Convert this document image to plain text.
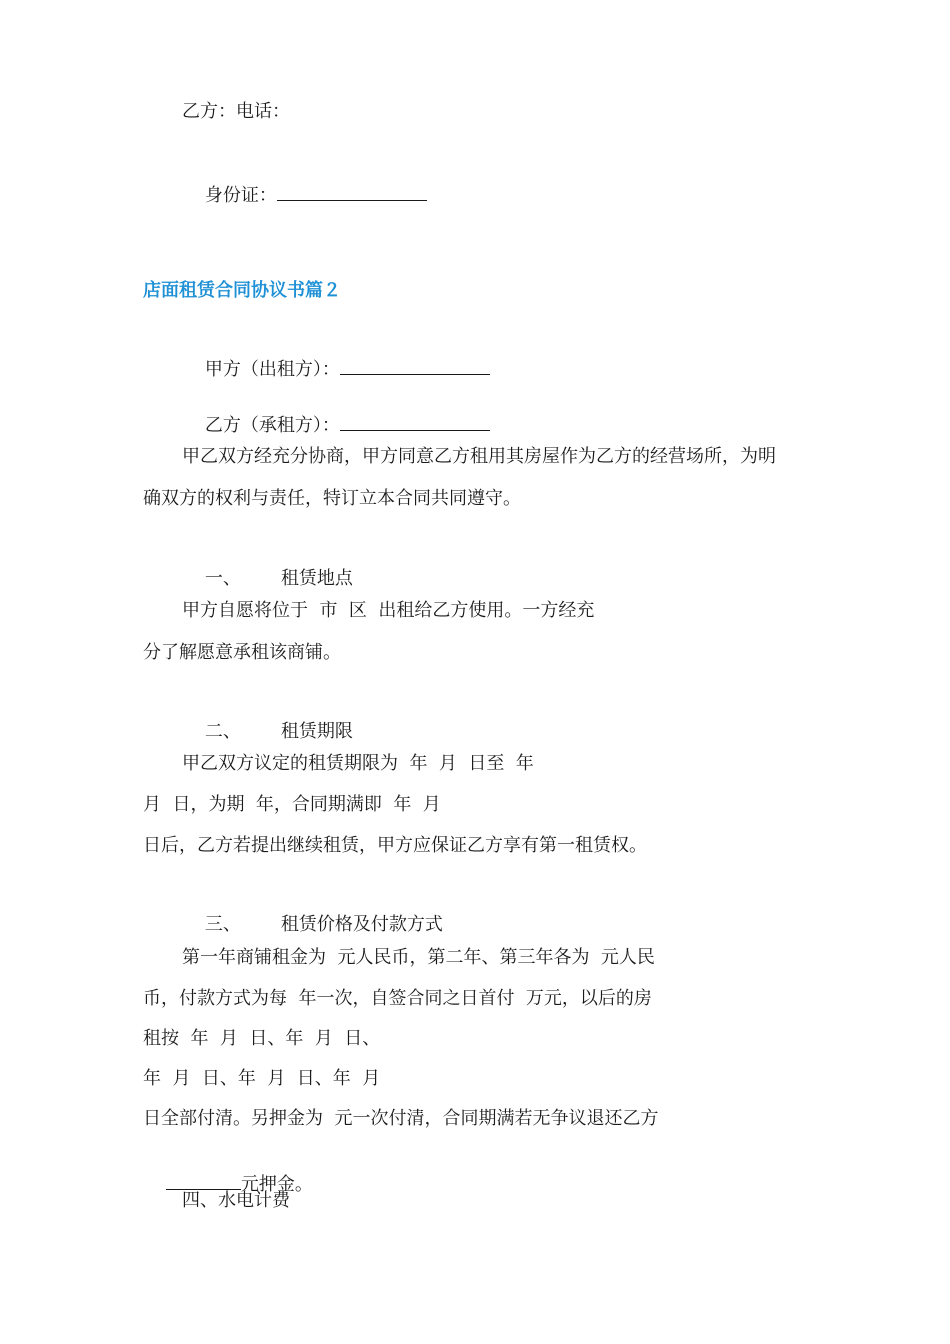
乙方：电话：

身份证：

店面租赁合同协议书篇２

甲方（出租方）：

乙方（承租方）：

甲乙双方经充分协商，甲方同意乙方租用其房屋作为乙方的经营场所，为明
确双方的权利与责任，特订立本合同共同遵守。

一、 租赁地点

甲方自愿将位于  市  区  出租给乙方使用。一方经充
分了解愿意承租该商铺。

二、 租赁期限

甲乙双方议定的租赁期限为  年  月  日至  年
月  日，为期  年，合同期满即  年  月
日后，乙方若提出继续租赁，甲方应保证乙方享有第一租赁权。

三、 租赁价格及付款方式

第一年商铺租金为  元人民币，第二年、第三年各为  元人民
币，付款方式为每  年一次，自签合同之日首付  万元，以后的房
租按  年  月  日、年  月  日、
年  月  日、年  月  日、年  月
日全部付清。另押金为  元一次付清，合同期满若无争议退还乙方

元押金。

四、水电计费
